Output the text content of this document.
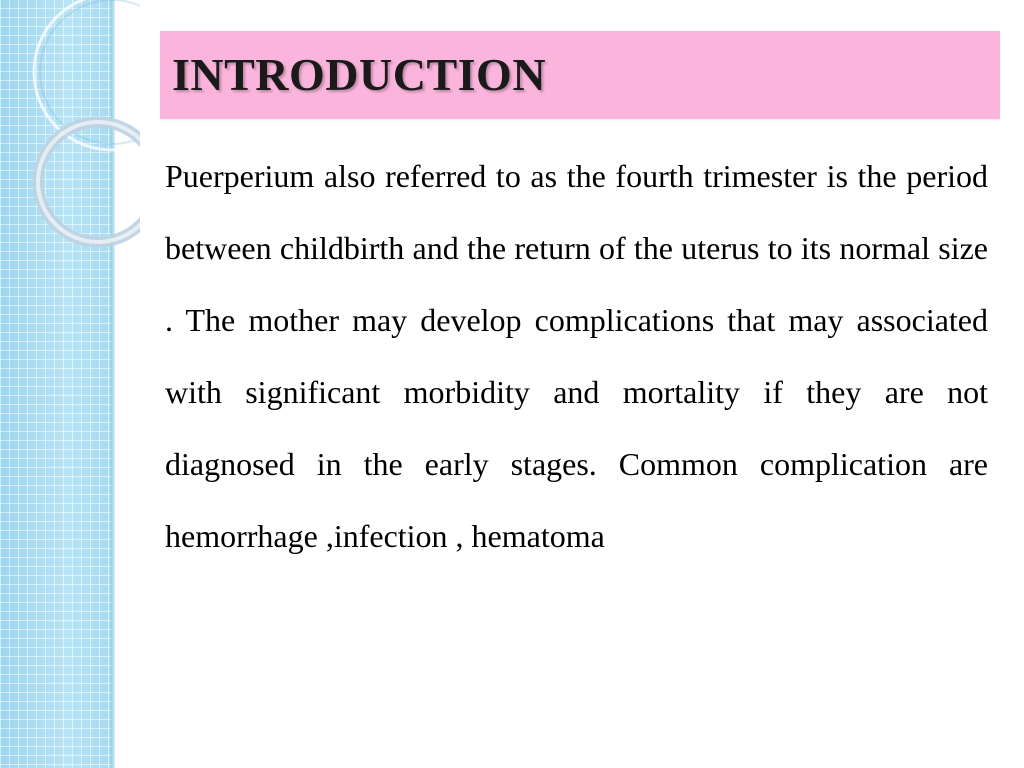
INTRODUCTION

Puerperium also referred to as the fourth trimester is the period between childbirth and the return of the uterus to its normal size . The mother may develop complications that may associated with significant morbidity and mortality if they are not diagnosed in the early stages. Common complication are hemorrhage ,infection , hematoma
